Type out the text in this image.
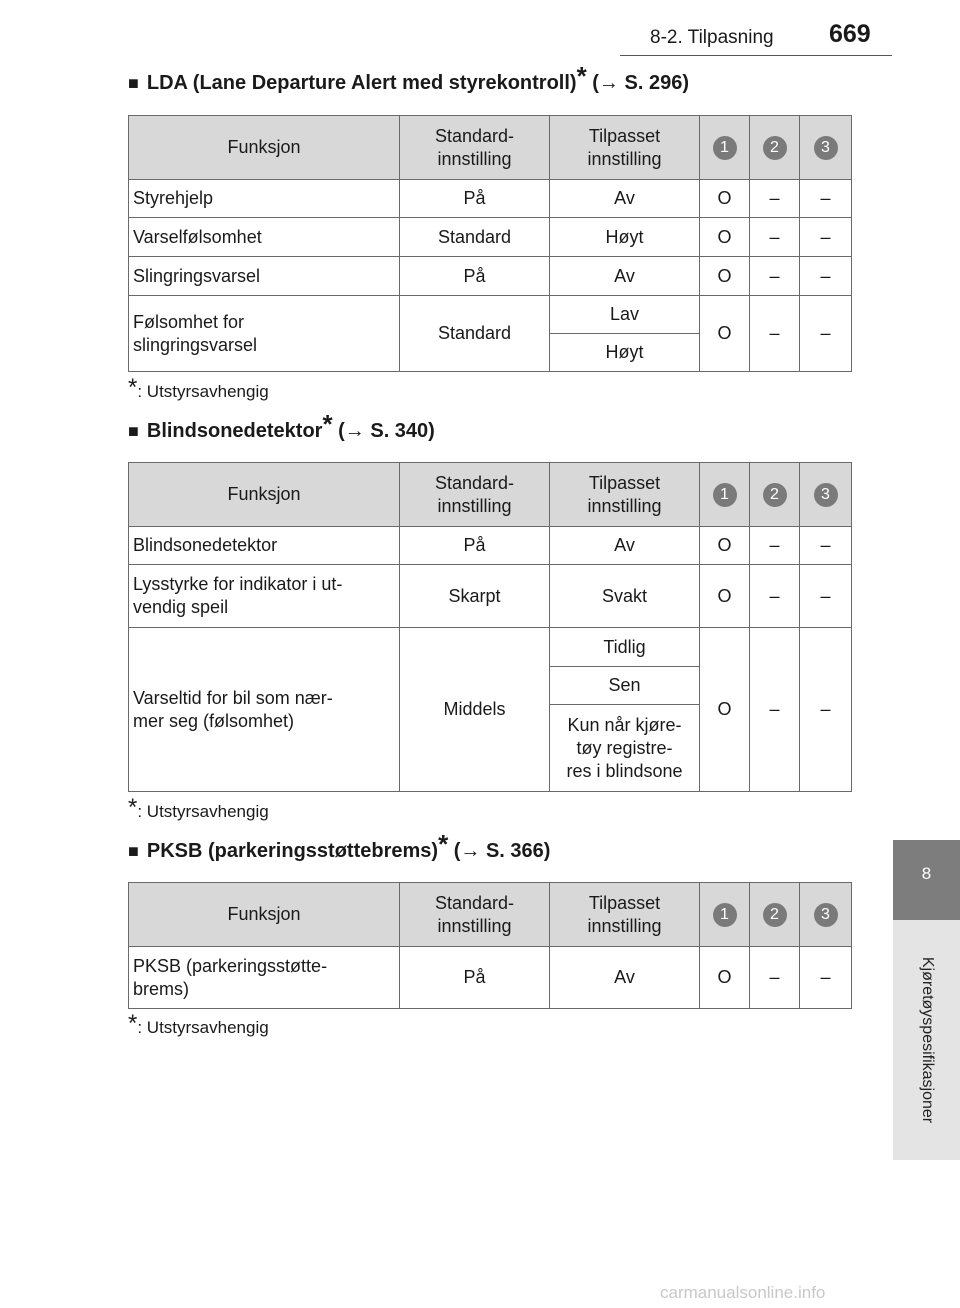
8-2. Tilpasning 669
8
Kjøretøyspesifikasjoner
■ LDA (Lane Departure Alert med styrekontroll)* (→ S. 296)
Funksjon	Standard-
innstilling	Tilpasset
innstilling	1	2	3
Styrehjelp	På	Av	O	–	–
Varselfølsomhet	Standard	Høyt	O	–	–
Slingringsvarsel	På	Av	O	–	–
Følsomhet for
slingringsvarsel	Standard	Lav	O	–	–
		Høyt			
*: Utstyrsavhengig
■ Blindsonedetektor* (→ S. 340)
Funksjon	Standard-
innstilling	Tilpasset
innstilling	1	2	3
Blindsonedetektor	På	Av	O	–	–
Lysstyrke for indikator i ut-
vendig speil	Skarpt	Svakt	O	–	–
Varseltid for bil som nær-
mer seg (følsomhet)	Middels	Tidlig	O	–	–
		Sen			
		Kun når kjøre-
tøy registre-
res i blindsone			
*: Utstyrsavhengig
■ PKSB (parkeringsstøttebrems)* (→ S. 366)
Funksjon	Standard-
innstilling	Tilpasset
innstilling	1	2	3
PKSB (parkeringsstøtte-
brems)	På	Av	O	–	–
*: Utstyrsavhengig
carmanualsonline.info
